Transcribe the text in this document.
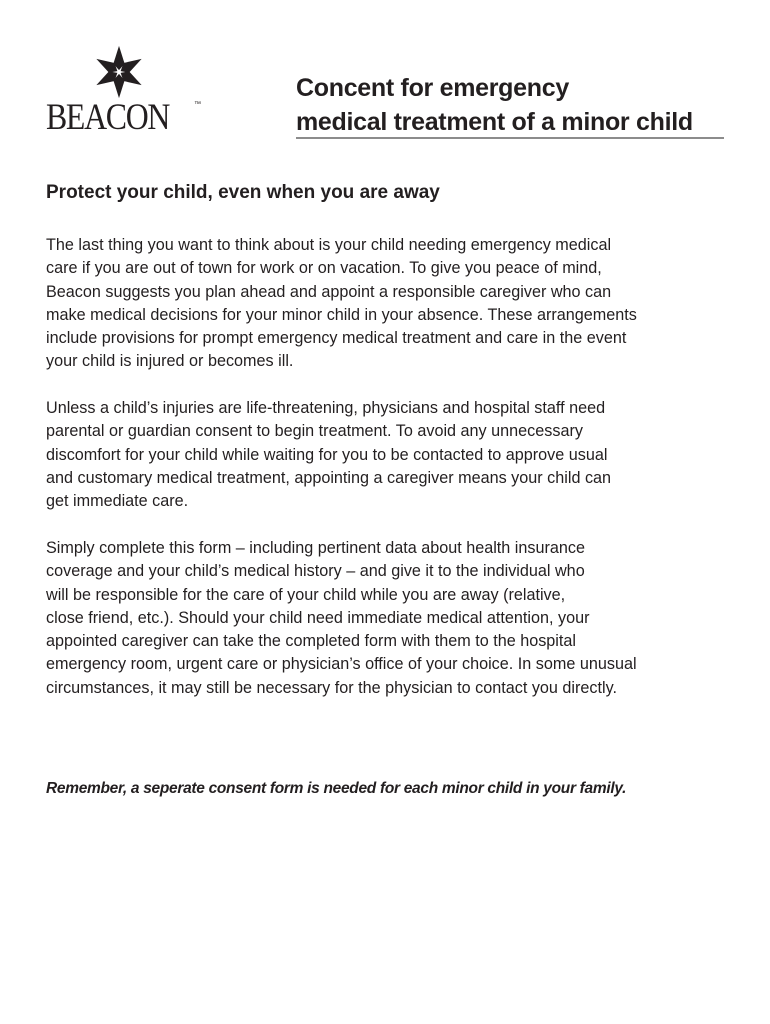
BEACON	™
Concent for emergency
medical treatment of a minor child
Protect your child, even when you are away
The last thing you want to think about is your child needing emergency medical
care if you are out of town for work or on vacation. To give you peace of mind,
Beacon suggests you plan ahead and appoint a responsible caregiver who can
make medical decisions for your minor child in your absence. These arrangements
include provisions for prompt emergency medical treatment and care in the event
your child is injured or becomes ill.
Unless a child’s injuries are life-threatening, physicians and hospital staff need
parental or guardian consent to begin treatment. To avoid any unnecessary
discomfort for your child while waiting for you to be contacted to approve usual
and customary medical treatment, appointing a caregiver means your child can
get immediate care.
Simply complete this form – including pertinent data about health insurance
coverage and your child’s medical history – and give it to the individual who
will be responsible for the care of your child while you are away (relative,
close friend, etc.). Should your child need immediate medical attention, your
appointed caregiver can take the completed form with them to the hospital
emergency room, urgent care or physician’s office of your choice. In some unusual
circumstances, it may still be necessary for the physician to contact you directly.
Remember, a seperate consent form is needed for each minor child in your family.
